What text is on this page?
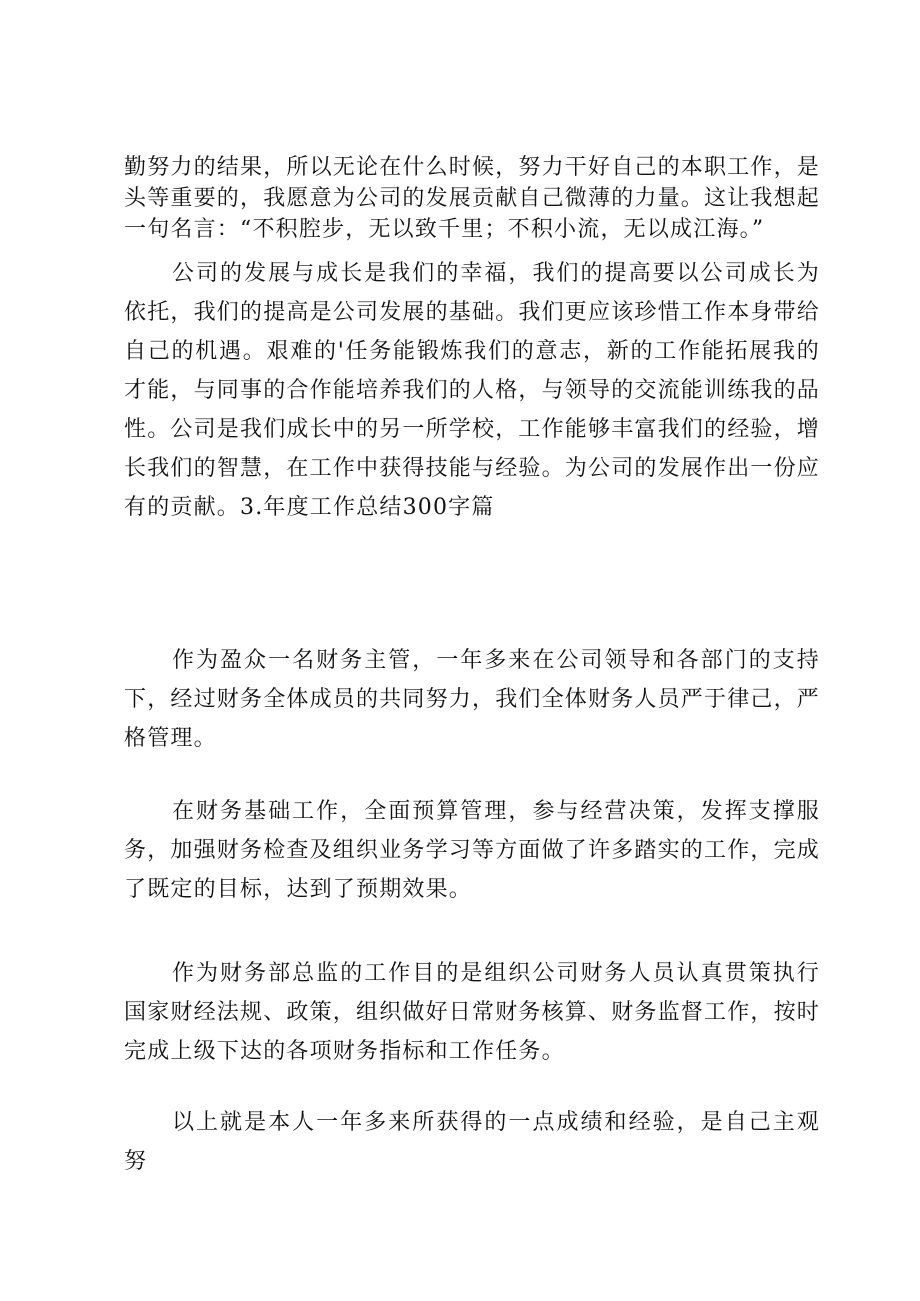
勤努力的结果，所以无论在什么时候，努力干好自己的本职工作，是头等重要的，我愿意为公司的发展贡献自己微薄的力量。这让我想起一句名言：“不积腔步，无以致千里；不积小流，无以成江海。”

公司的发展与成长是我们的幸福，我们的提高要以公司成长为依托，我们的提高是公司发展的基础。我们更应该珍惜工作本身带给自己的机遇。艰难的'任务能锻炼我们的意志，新的工作能拓展我的才能，与同事的合作能培养我们的人格，与领导的交流能训练我的品性。公司是我们成长中的另一所学校，工作能够丰富我们的经验，增长我们的智慧，在工作中获得技能与经验。为公司的发展作出一份应有的贡献。3.年度工作总结300字篇

作为盈众一名财务主管，一年多来在公司领导和各部门的支持下，经过财务全体成员的共同努力，我们全体财务人员严于律己，严格管理。

在财务基础工作，全面预算管理，参与经营决策，发挥支撑服务，加强财务检查及组织业务学习等方面做了许多踏实的工作，完成了既定的目标，达到了预期效果。

作为财务部总监的工作目的是组织公司财务人员认真贯策执行国家财经法规、政策，组织做好日常财务核算、财务监督工作，按时完成上级下达的各项财务指标和工作任务。

以上就是本人一年多来所获得的一点成绩和经验，是自己主观努
